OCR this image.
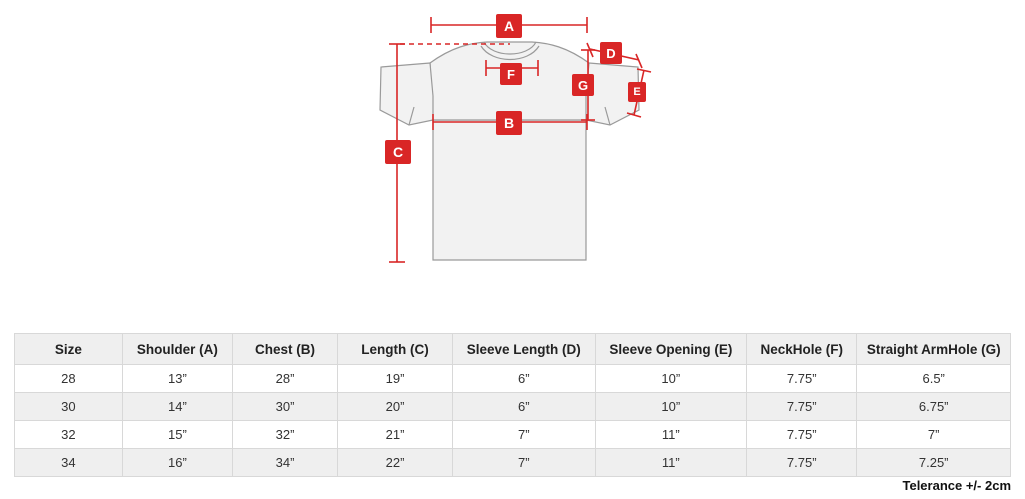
A
B
C
D
E
F
G
Size	Shoulder (A)	Chest (B)	Length (C)	Sleeve Length (D)	Sleeve Opening (E)	NeckHole (F)	Straight ArmHole (G)
28	13”	28”	19”	6”	10”	7.75”	6.5”
30	14”	30”	20”	6”	10”	7.75”	6.75”
32	15”	32”	21”	7”	11”	7.75”	7”
34	16”	34”	22”	7”	11”	7.75”	7.25”
Telerance +/- 2cm
